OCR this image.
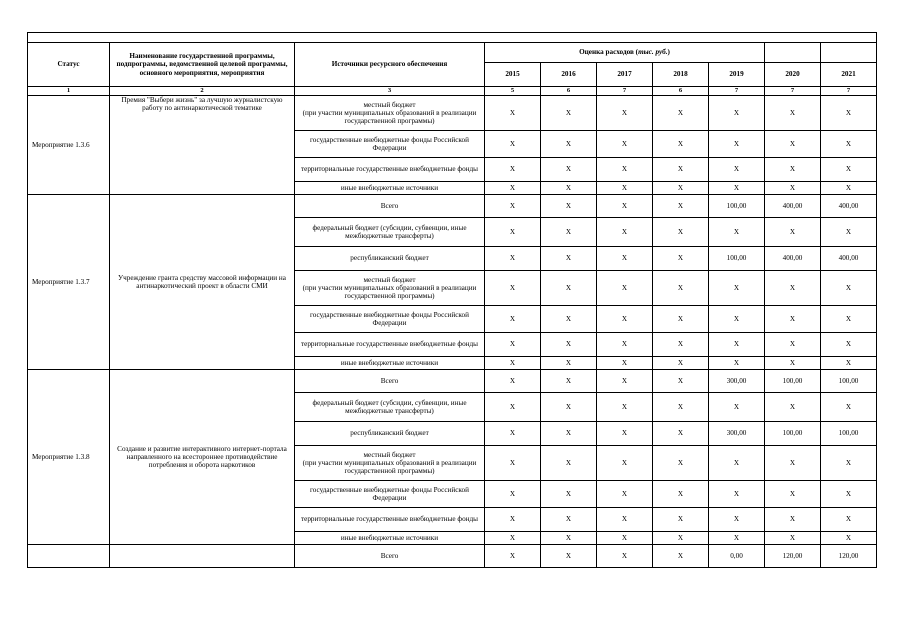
Статус	Наименование государственной программы, подпрограммы, ведомственной целевой программы, основного мероприятия, мероприятия	Источники ресурсного обеспечения	Оценка расходов (тыс. руб.)						
			2015	2016	2017	2018	2019	2020	2021
1	2	3	5	6	7	6	7	7	7
Мероприятие 1.3.6	Премия "Выбери жизнь" за лучшую журналистскую работу по антинаркотической тематике	местный бюджет
(при участии муниципальных образований в реализации государственной программы)	X	X	X	X	X	X	X
		государственные внебюджетные фонды Российской Федерации	X	X	X	X	X	X	X
		территориальные государственные внебюджетные фонды	X	X	X	X	X	X	X
		иные внебюджетные источники	X	X	X	X	X	X	X
Мероприятие 1.3.7	Учреждение гранта средству массовой информации на антинаркотический проект в области СМИ	Всего	X	X	X	X	100,00	400,00	400,00
		федеральный бюджет (субсидии, субвенции, иные межбюджетные трансферты)	X	X	X	X	X	X	X
		республиканский бюджет	X	X	X	X	100,00	400,00	400,00
		местный бюджет
(при участии муниципальных образований в реализации государственной программы)	X	X	X	X	X	X	X
		государственные внебюджетные фонды Российской Федерации	X	X	X	X	X	X	X
		территориальные государственные внебюджетные фонды	X	X	X	X	X	X	X
		иные внебюджетные источники	X	X	X	X	X	X	X
Мероприятие 1.3.8	Создание и развитие интерактивного интернет-портала направленного на всестороннее противодействие потребления и оборота наркотиков	Всего	X	X	X	X	300,00	100,00	100,00
		федеральный бюджет (субсидии, субвенции, иные межбюджетные трансферты)	X	X	X	X	X	X	X
		республиканский бюджет	X	X	X	X	300,00	100,00	100,00
		местный бюджет
(при участии муниципальных образований в реализации государственной программы)	X	X	X	X	X	X	X
		государственные внебюджетные фонды Российской Федерации	X	X	X	X	X	X	X
		территориальные государственные внебюджетные фонды	X	X	X	X	X	X	X
		иные внебюджетные источники	X	X	X	X	X	X	X
		Всего	X	X	X	X	0,00	120,00	120,00
